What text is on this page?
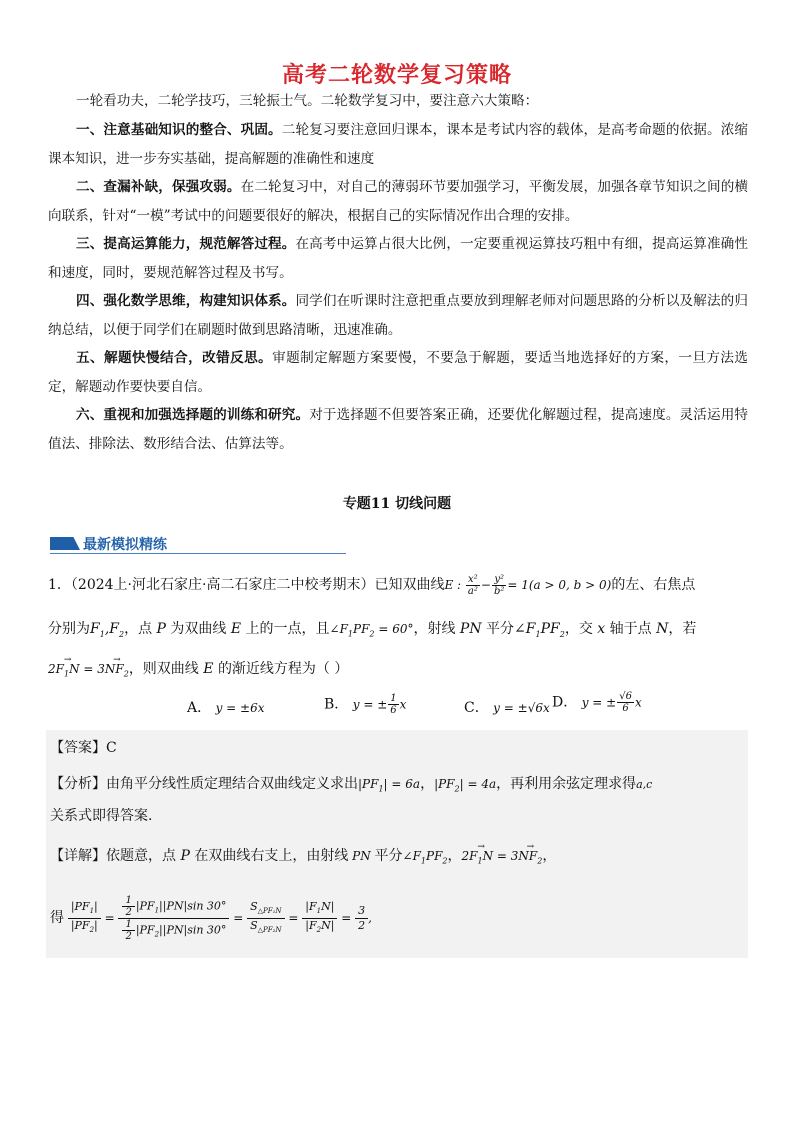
高考二轮数学复习策略
一轮看功夫，二轮学技巧，三轮振士气。二轮数学复习中，要注意六大策略：
一、注意基础知识的整合、巩固。二轮复习要注意回归课本，课本是考试内容的载体，是高考命题的依据。浓缩课本知识，进一步夯实基础，提高解题的准确性和速度
二、查漏补缺，保强攻弱。在二轮复习中，对自己的薄弱环节要加强学习，平衡发展，加强各章节知识之间的横向联系，针对“一模”考试中的问题要很好的解决，根据自己的实际情况作出合理的安排。
三、提高运算能力，规范解答过程。在高考中运算占很大比例，一定要重视运算技巧粗中有细，提高运算准确性和速度，同时，要规范解答过程及书写。
四、强化数学思维，构建知识体系。同学们在听课时注意把重点要放到理解老师对问题思路的分析以及解法的归纳总结，以便于同学们在刷题时做到思路清晰，迅速准确。
五、解题快慢结合，改错反思。审题制定解题方案要慢，不要急于解题，要适当地选择好的方案，一旦方法选定，解题动作要快要自信。
六、重视和加强选择题的训练和研究。对于选择题不但要答案正确，还要优化解题过程，提高速度。灵活运用特值法、排除法、数形结合法、估算法等。
专题11 切线问题
最新模拟精练
1．（2024上·河北石家庄·高二石家庄二中校考期末）已知双曲线E : $\frac{\text{x²}}{\text{a²}} - \frac{\text{y²}}{\text{b²}} = 1(a > 0$, b > 0)的左、右焦点
分别为$F_1,F_2$，点 P 为双曲线 E 上的一点，且$\angle F_1PF_2 = 60^\circ$，射线 PN 平分$\angle F_1PF_2$，交 x 轴于点 N，若
$2\to F_1N = 3\to NF_2$，则双曲线 E 的渐近线方程为（ ）
A． y = ±6x	B． y = ± $\frac{1}{6}$ x	C． y = ±√6x D． y = ± $\frac{√6}{6}$ x
【答案】C
【分析】由角平分线性质定理结合双曲线定义求出$|PF_1| = 6a$，$|PF_2| = 4a$，再利用余弦定理求得a,c
关系式即得答案.
【详解】依题意，点 P 在双曲线右支上，由射线 PN 平分$\angle F_1PF_2$，$2\to F_1N = 3\to NF_2$，
得 $\frac{|PF_1|}{|PF_2|} = \frac{\frac{1}{2} |PF_1||PN|\sin 30^\circ}{\frac{1}{2} |PF_2||PN|\sin 30^\circ} = \frac{S_{\triangle PF_1N}}{S_{\triangle PF_2N}} = \frac{|F_1N|}{|F_2N|} = \frac{3}{2}$ ,
